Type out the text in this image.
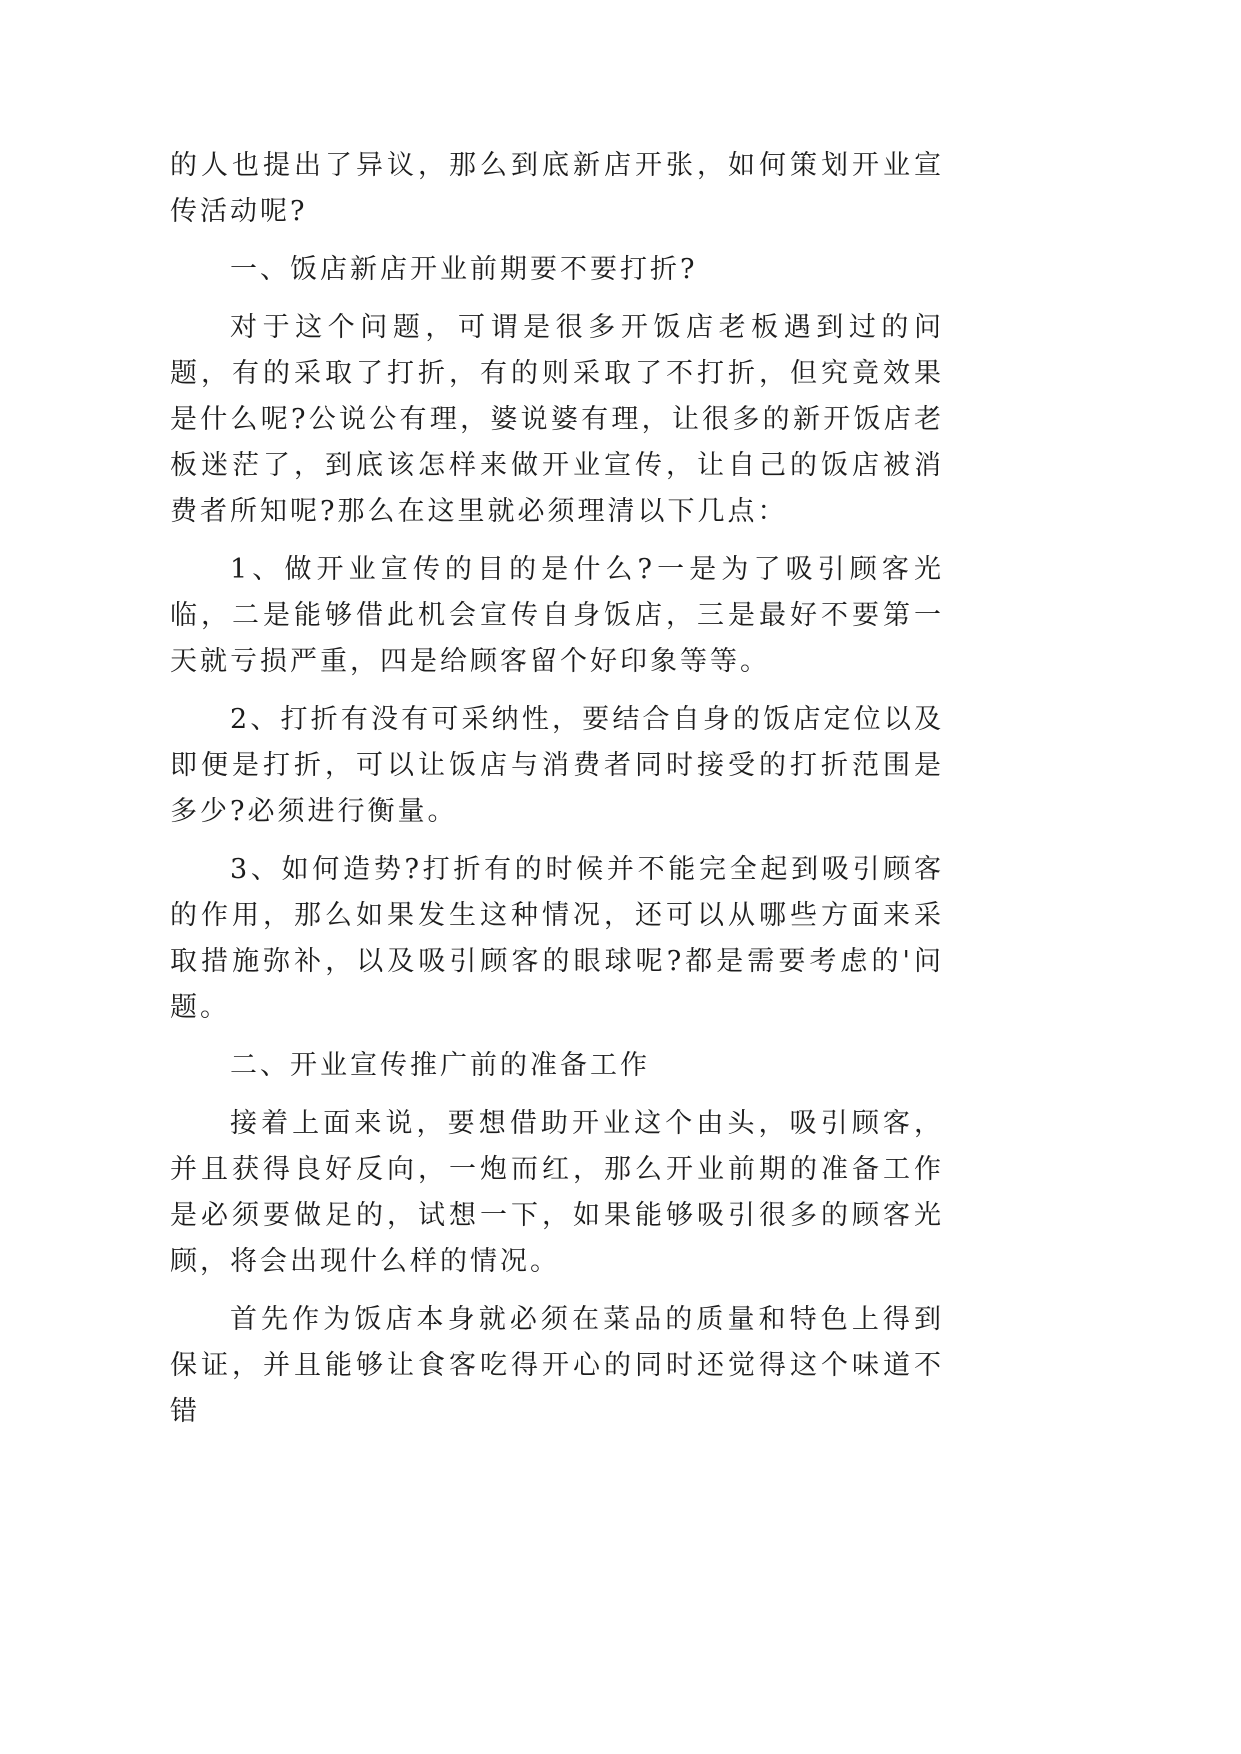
的人也提出了异议，那么到底新店开张，如何策划开业宣传活动呢?

一、饭店新店开业前期要不要打折?

对于这个问题，可谓是很多开饭店老板遇到过的问题，有的采取了打折，有的则采取了不打折，但究竟效果是什么呢?公说公有理，婆说婆有理，让很多的新开饭店老板迷茫了，到底该怎样来做开业宣传，让自己的饭店被消费者所知呢?那么在这里就必须理清以下几点：

1、做开业宣传的目的是什么?一是为了吸引顾客光临，二是能够借此机会宣传自身饭店，三是最好不要第一天就亏损严重，四是给顾客留个好印象等等。

2、打折有没有可采纳性，要结合自身的饭店定位以及即便是打折，可以让饭店与消费者同时接受的打折范围是多少?必须进行衡量。

3、如何造势?打折有的时候并不能完全起到吸引顾客的作用，那么如果发生这种情况，还可以从哪些方面来采取措施弥补，以及吸引顾客的眼球呢?都是需要考虑的'问题。

二、开业宣传推广前的准备工作

接着上面来说，要想借助开业这个由头，吸引顾客，并且获得良好反向，一炮而红，那么开业前期的准备工作是必须要做足的，试想一下，如果能够吸引很多的顾客光顾，将会出现什么样的情况。

首先作为饭店本身就必须在菜品的质量和特色上得到保证，并且能够让食客吃得开心的同时还觉得这个味道不错
